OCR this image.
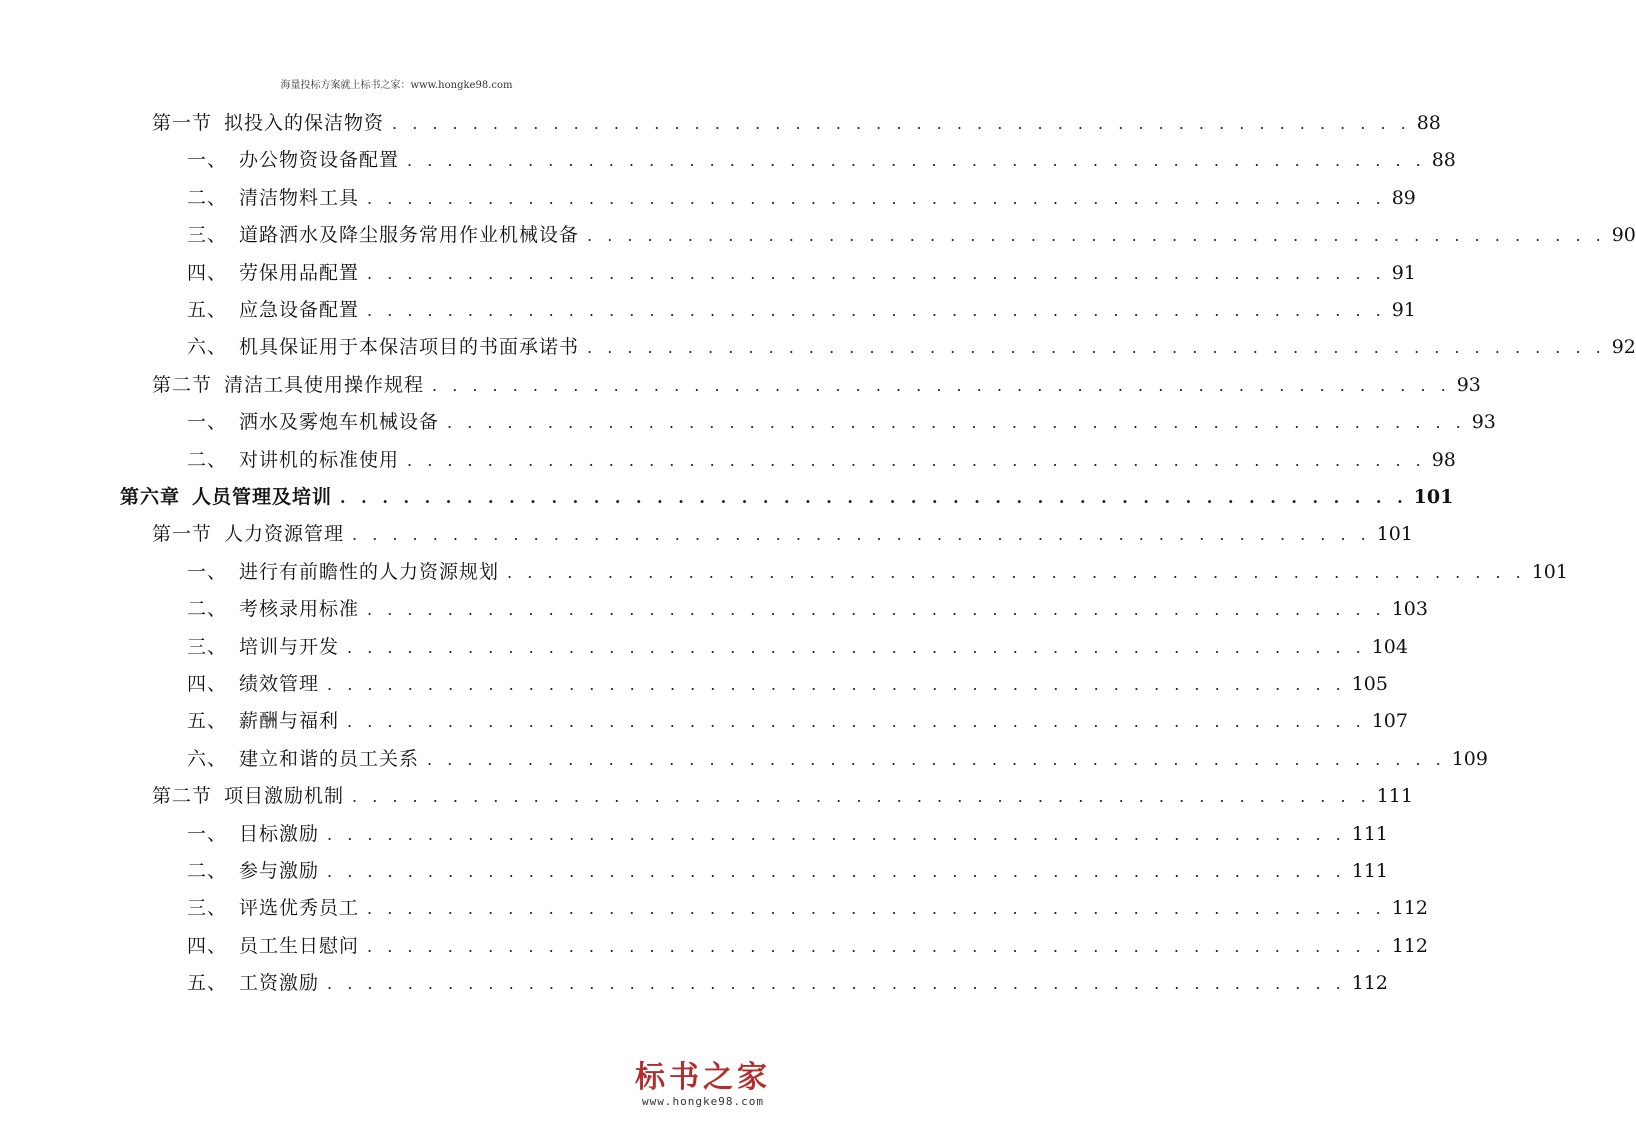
海量投标方案就上标书之家：www.hongke98.com
第一节 拟投入的保洁物资 . . . . . . . . . . . . . . . . . . . . . . . . . . . . . . . . . . . . . . . . . . . . . . . . . . . 88
一、 办公物资设备配置 . . . . . . . . . . . . . . . . . . . . . . . . . . . . . . . . . . . . . . . . . . . . . . . . . . . 88
二、 清洁物料工具 . . . . . . . . . . . . . . . . . . . . . . . . . . . . . . . . . . . . . . . . . . . . . . . . . . . 89
三、 道路洒水及降尘服务常用作业机械设备 . . . . . . . . . . . . . . . . . . . . . . . . . . . . . . . . . . . . . . . . . . . . . . . . . . . 90
四、 劳保用品配置 . . . . . . . . . . . . . . . . . . . . . . . . . . . . . . . . . . . . . . . . . . . . . . . . . . . 91
五、 应急设备配置 . . . . . . . . . . . . . . . . . . . . . . . . . . . . . . . . . . . . . . . . . . . . . . . . . . . 91
六、 机具保证用于本保洁项目的书面承诺书 . . . . . . . . . . . . . . . . . . . . . . . . . . . . . . . . . . . . . . . . . . . . . . . . . . . 92
第二节 清洁工具使用操作规程 . . . . . . . . . . . . . . . . . . . . . . . . . . . . . . . . . . . . . . . . . . . . . . . . . . . 93
一、 洒水及雾炮车机械设备 . . . . . . . . . . . . . . . . . . . . . . . . . . . . . . . . . . . . . . . . . . . . . . . . . . . 93
二、 对讲机的标准使用 . . . . . . . . . . . . . . . . . . . . . . . . . . . . . . . . . . . . . . . . . . . . . . . . . . . 98
第六章 人员管理及培训 . . . . . . . . . . . . . . . . . . . . . . . . . . . . . . . . . . . . . . . . . . . . . . . . . . . 101
第一节 人力资源管理 . . . . . . . . . . . . . . . . . . . . . . . . . . . . . . . . . . . . . . . . . . . . . . . . . . . 101
一、 进行有前瞻性的人力资源规划 . . . . . . . . . . . . . . . . . . . . . . . . . . . . . . . . . . . . . . . . . . . . . . . . . . . 101
二、 考核录用标准 . . . . . . . . . . . . . . . . . . . . . . . . . . . . . . . . . . . . . . . . . . . . . . . . . . . 103
三、 培训与开发 . . . . . . . . . . . . . . . . . . . . . . . . . . . . . . . . . . . . . . . . . . . . . . . . . . . 104
四、 绩效管理 . . . . . . . . . . . . . . . . . . . . . . . . . . . . . . . . . . . . . . . . . . . . . . . . . . . 105
五、 薪酬与福利 . . . . . . . . . . . . . . . . . . . . . . . . . . . . . . . . . . . . . . . . . . . . . . . . . . . 107
六、 建立和谐的员工关系 . . . . . . . . . . . . . . . . . . . . . . . . . . . . . . . . . . . . . . . . . . . . . . . . . . . 109
第二节 项目激励机制 . . . . . . . . . . . . . . . . . . . . . . . . . . . . . . . . . . . . . . . . . . . . . . . . . . . 111
一、 目标激励 . . . . . . . . . . . . . . . . . . . . . . . . . . . . . . . . . . . . . . . . . . . . . . . . . . . 111
二、 参与激励 . . . . . . . . . . . . . . . . . . . . . . . . . . . . . . . . . . . . . . . . . . . . . . . . . . . 111
三、 评选优秀员工 . . . . . . . . . . . . . . . . . . . . . . . . . . . . . . . . . . . . . . . . . . . . . . . . . . . 112
四、 员工生日慰问 . . . . . . . . . . . . . . . . . . . . . . . . . . . . . . . . . . . . . . . . . . . . . . . . . . . 112
五、 工资激励 . . . . . . . . . . . . . . . . . . . . . . . . . . . . . . . . . . . . . . . . . . . . . . . . . . . 112
标书之家
www.hongke98.com
